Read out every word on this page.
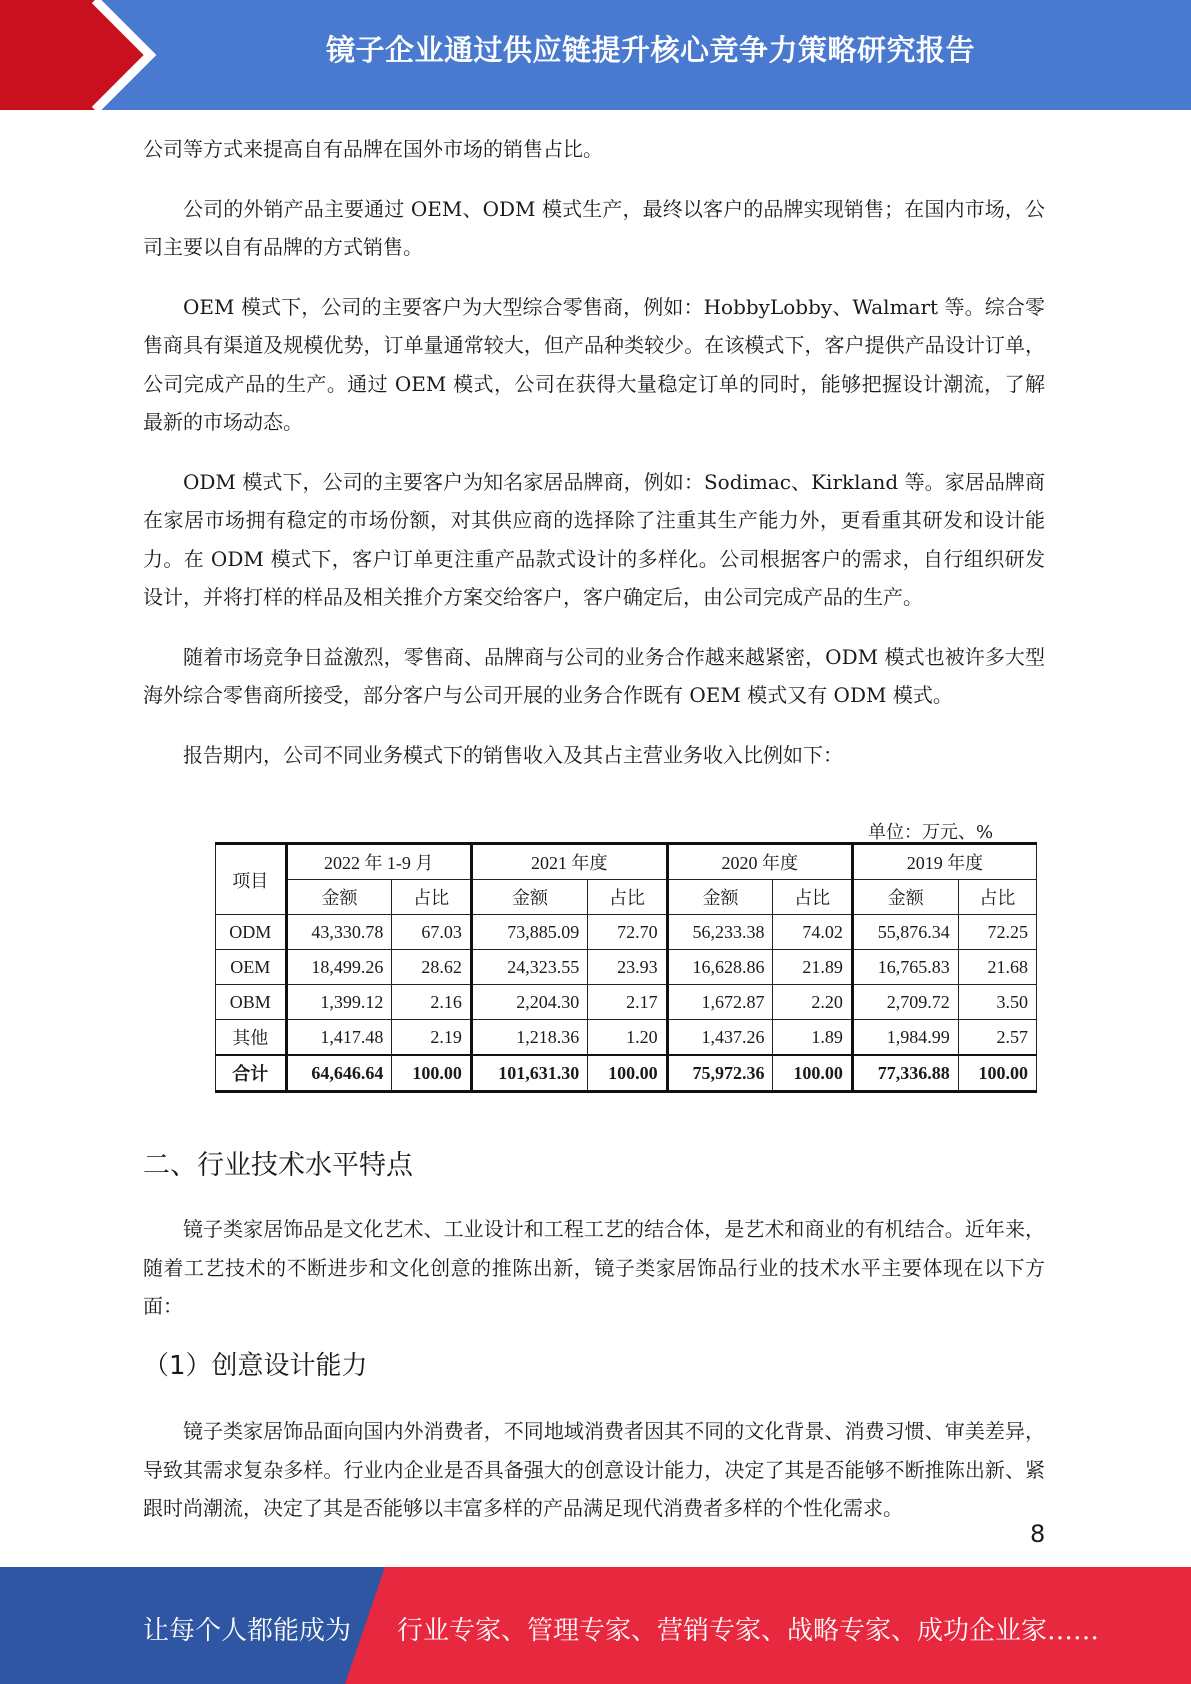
镜子企业通过供应链提升核心竞争力策略研究报告

公司等方式来提高自有品牌在国外市场的销售占比。

公司的外销产品主要通过 OEM、ODM 模式生产，最终以客户的品牌实现销售；在国内市场，公司主要以自有品牌的方式销售。

OEM 模式下，公司的主要客户为大型综合零售商，例如：HobbyLobby、Walmart 等。综合零售商具有渠道及规模优势，订单量通常较大，但产品种类较少。在该模式下，客户提供产品设计订单，公司完成产品的生产。通过 OEM 模式，公司在获得大量稳定订单的同时，能够把握设计潮流，了解最新的市场动态。

ODM 模式下，公司的主要客户为知名家居品牌商，例如：Sodimac、Kirkland 等。家居品牌商在家居市场拥有稳定的市场份额，对其供应商的选择除了注重其生产能力外，更看重其研发和设计能力。在 ODM 模式下，客户订单更注重产品款式设计的多样化。公司根据客户的需求，自行组织研发设计，并将打样的样品及相关推介方案交给客户，客户确定后，由公司完成产品的生产。

随着市场竞争日益激烈，零售商、品牌商与公司的业务合作越来越紧密，ODM 模式也被许多大型海外综合零售商所接受，部分客户与公司开展的业务合作既有 OEM 模式又有 ODM 模式。

报告期内，公司不同业务模式下的销售收入及其占主营业务收入比例如下：

单位：万元、%
项目	2022 年 1-9 月		2021 年度		2020 年度		2019 年度	
	金额	占比	金额	占比	金额	占比	金额	占比
ODM	43,330.78	67.03	73,885.09	72.70	56,233.38	74.02	55,876.34	72.25
OEM	18,499.26	28.62	24,323.55	23.93	16,628.86	21.89	16,765.83	21.68
OBM	1,399.12	2.16	2,204.30	2.17	1,672.87	2.20	2,709.72	3.50
其他	1,417.48	2.19	1,218.36	1.20	1,437.26	1.89	1,984.99	2.57
合计	64,646.64	100.00	101,631.30	100.00	75,972.36	100.00	77,336.88	100.00
二、行业技术水平特点

镜子类家居饰品是文化艺术、工业设计和工程工艺的结合体，是艺术和商业的有机结合。近年来，随着工艺技术的不断进步和文化创意的推陈出新，镜子类家居饰品行业的技术水平主要体现在以下方面：

（1）创意设计能力

镜子类家居饰品面向国内外消费者，不同地域消费者因其不同的文化背景、消费习惯、审美差异，导致其需求复杂多样。行业内企业是否具备强大的创意设计能力，决定了其是否能够不断推陈出新、紧跟时尚潮流，决定了其是否能够以丰富多样的产品满足现代消费者多样的个性化需求。

8
让每个人都能成为 行业专家、管理专家、营销专家、战略专家、成功企业家……
